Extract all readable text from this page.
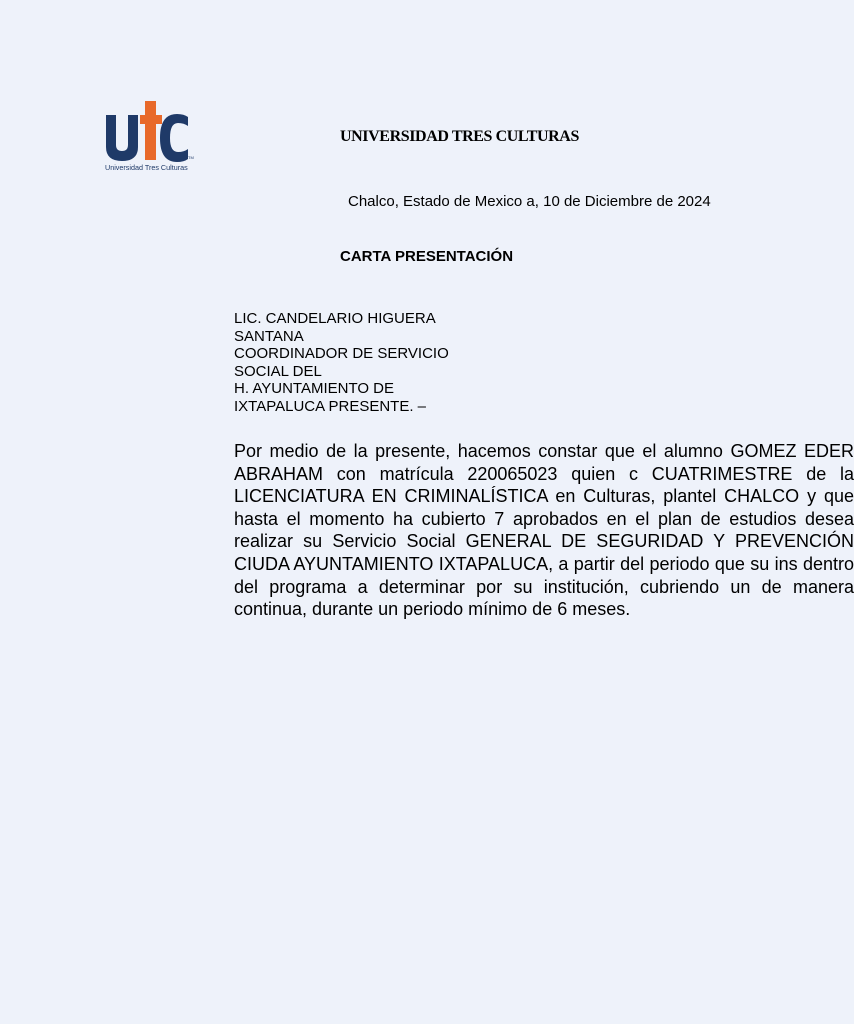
TM
Universidad Tres Culturas
UNIVERSIDAD TRES CULTURAS
Chalco, Estado de Mexico a, 10 de Diciembre de 2024
CARTA PRESENTACIÓN
LIC. CANDELARIO HIGUERA
SANTANA
COORDINADOR DE SERVICIO
SOCIAL DEL
H. AYUNTAMIENTO DE
IXTAPALUCA PRESENTE. –

Por medio de la presente, hacemos constar que el alumno GOMEZ EDER ABRAHAM con matrícula 220065023 quien c CUATRIMESTRE de la LICENCIATURA EN CRIMINALÍSTICA en Culturas, plantel CHALCO y que hasta el momento ha cubierto 7 aprobados en el plan de estudios desea realizar su Servicio Social GENERAL DE SEGURIDAD Y PREVENCIÓN CIUDA AYUNTAMIENTO IXTAPALUCA, a partir del periodo que su ins dentro del programa a determinar por su institución, cubriendo un de manera continua, durante un periodo mínimo de 6 meses.
